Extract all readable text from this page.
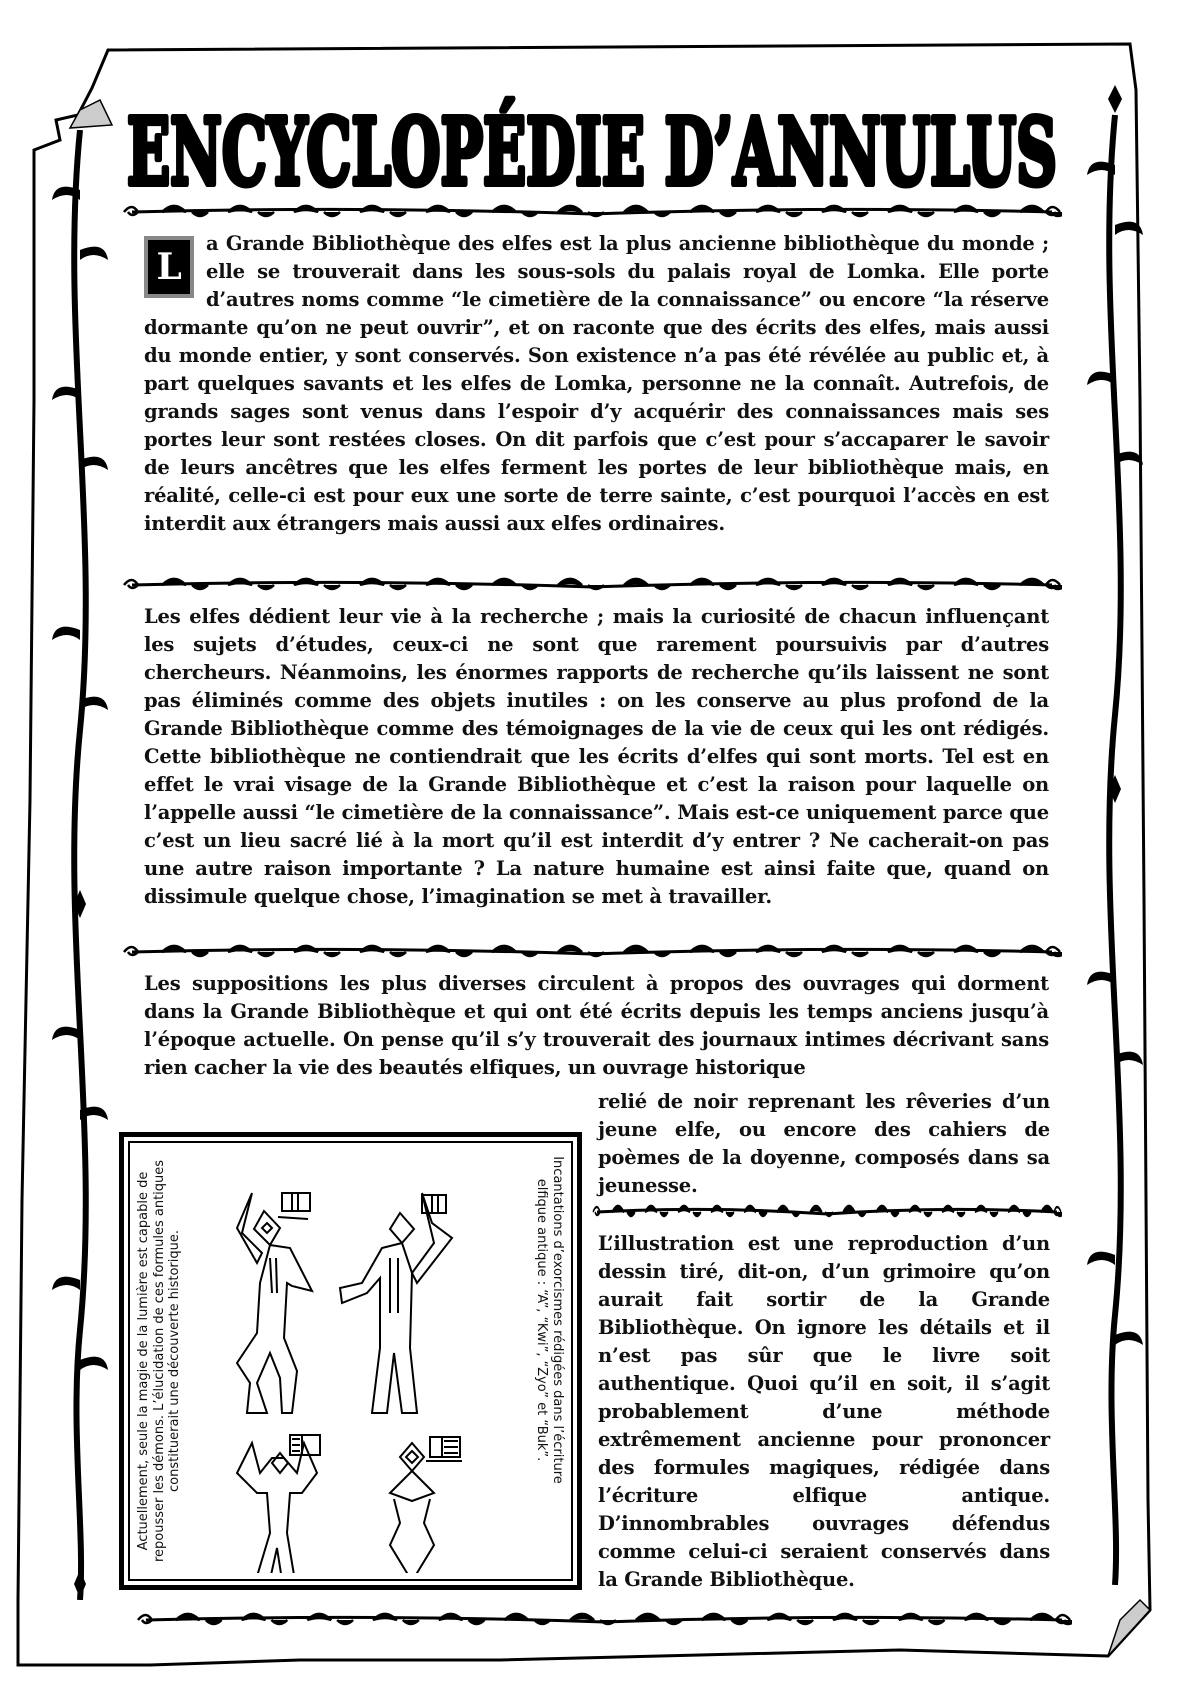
ENCYCLOPÉDIE D’ANNULUS
L

a Grande Bibliothèque des elfes est la plus ancienne bibliothèque du monde ; elle se trouverait dans les sous-sols du palais royal de Lomka. Elle porte d’autres noms comme “le cimetière de la connaissance” ou encore “la réserve dormante qu’on ne peut ouvrir”, et on raconte que des écrits des elfes, mais aussi du monde entier, y sont conservés. Son existence n’a pas été révélée au public et, à part quelques savants et les elfes de Lomka, personne ne la connaît. Autrefois, de grands sages sont venus dans l’espoir d’y acquérir des connaissances mais ses portes leur sont restées closes. On dit parfois que c’est pour s’accaparer le savoir de leurs ancêtres que les elfes ferment les portes de leur bibliothèque mais, en réalité, celle-ci est pour eux une sorte de terre sainte, c’est pourquoi l’accès en est interdit aux étrangers mais aussi aux elfes ordinaires.

Les elfes dédient leur vie à la recherche ; mais la curiosité de chacun influençant les sujets d’études, ceux-ci ne sont que rarement poursuivis par d’autres chercheurs. Néanmoins, les énormes rapports de recherche qu’ils laissent ne sont pas éliminés comme des objets inutiles : on les conserve au plus profond de la Grande Bibliothèque comme des témoignages de la vie de ceux qui les ont rédigés. Cette bibliothèque ne contiendrait que les écrits d’elfes qui sont morts. Tel est en effet le vrai visage de la Grande Bibliothèque et c’est la raison pour laquelle on l’appelle aussi “le cimetière de la connaissance”. Mais est-ce uniquement parce que c’est un lieu sacré lié à la mort qu’il est interdit d’y entrer ? Ne cacherait-on pas une autre raison importante ? La nature humaine est ainsi faite que, quand on dissimule quelque chose, l’imagination se met à travailler.

Les suppositions les plus diverses circulent à propos des ouvrages qui dorment dans la Grande Bibliothèque et qui ont été écrits depuis les temps anciens jusqu’à l’époque actuelle. On pense qu’il s’y trouverait des journaux intimes décrivant sans rien cacher la vie des beautés elfiques, un ouvrage historique

relié de noir reprenant les rêveries d’un jeune elfe, ou encore des cahiers de poèmes de la doyenne, composés dans sa jeunesse.

L’illustration est une reproduction d’un dessin tiré, dit-on, d’un grimoire qu’on aurait fait sortir de la Grande Bibliothèque. On ignore les détails et il n’est pas sûr que le livre soit authentique. Quoi qu’il en soit, il s’agit probablement d’une méthode extrêmement ancienne pour prononcer des formules magiques, rédigée dans l’écriture elfique antique. D’innombrables ouvrages défendus comme celui-ci seraient conservés dans la Grande Bibliothèque.

Actuellement, seule la magie de la lumière est capable de repousser les démons. L’élucidation de ces formules antiques constituerait une découverte historique.	Incantations d’exorcismes rédigées dans l’écriture elfique antique : “A”, “Kwi”, “Zyo” et “Buk”.
